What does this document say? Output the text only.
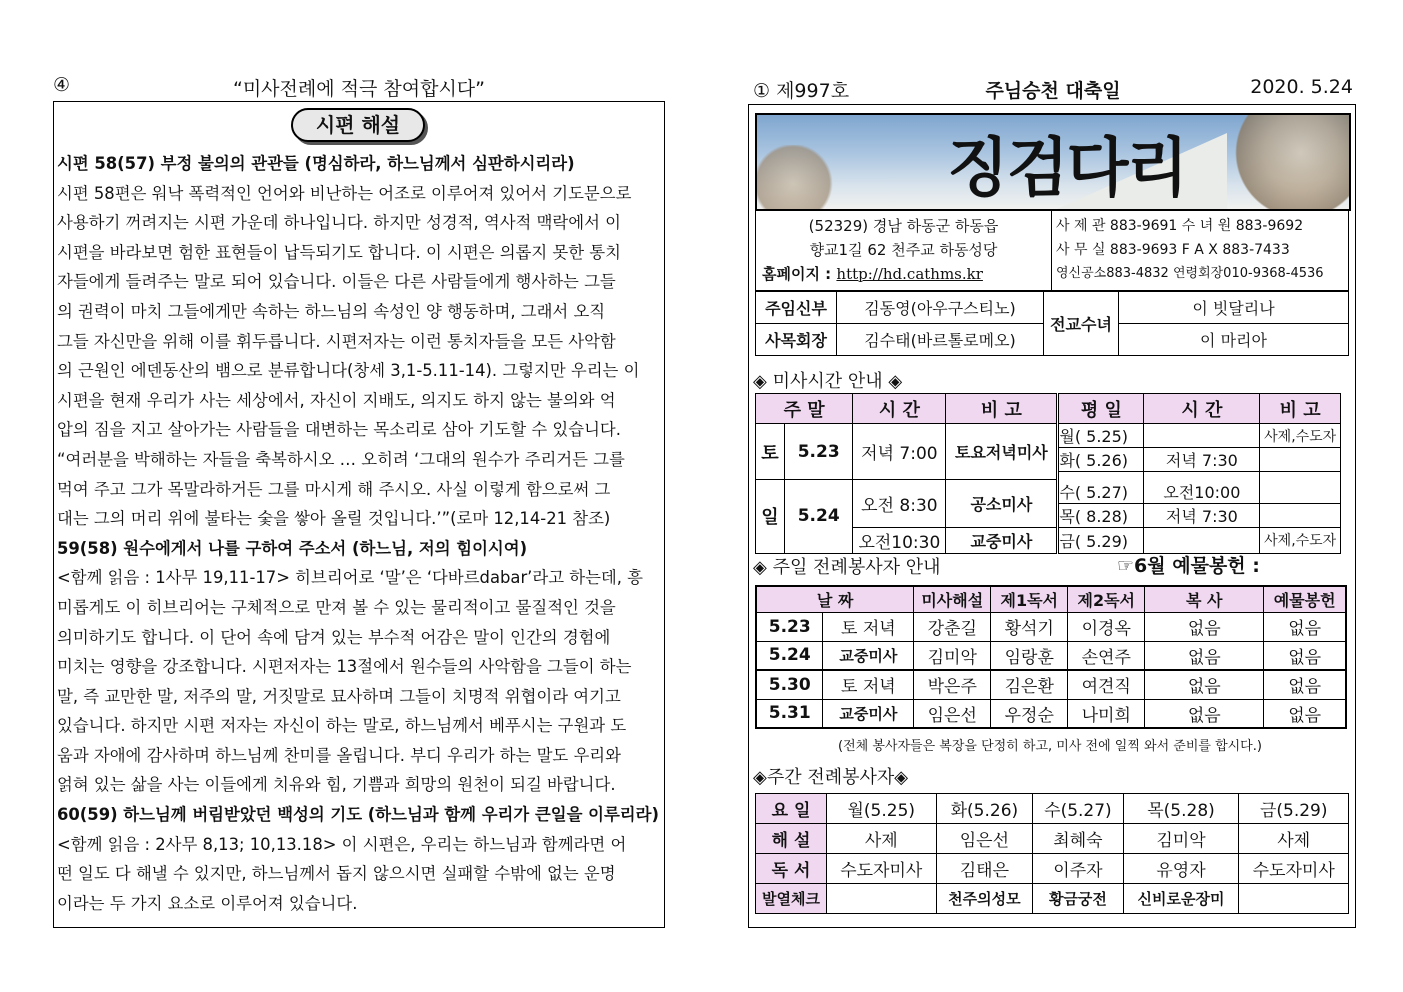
④	“미사전례에 적극 참여합시다”
시편 해설
시편 58(57) 부정 불의의 관관들 (명심하라, 하느님께서 심판하시리라)
시편 58편은 워낙 폭력적인 언어와 비난하는 어조로 이루어져 있어서 기도문으로
사용하기 꺼려지는 시편 가운데 하나입니다. 하지만 성경적, 역사적 맥락에서 이
시편을 바라보면 험한 표현들이 납득되기도 합니다. 이 시편은 의롭지 못한 통치
자들에게 들려주는 말로 되어 있습니다. 이들은 다른 사람들에게 행사하는 그들
의 권력이 마치 그들에게만 속하는 하느님의 속성인 양 행동하며, 그래서 오직
그들 자신만을 위해 이를 휘두릅니다. 시편저자는 이런 통치자들을 모든 사악함
의 근원인 에덴동산의 뱀으로 분류합니다(창세 3,1-5.11-14). 그렇지만 우리는 이
시편을 현재 우리가 사는 세상에서, 자신이 지배도, 의지도 하지 않는 불의와 억
압의 짐을 지고 살아가는 사람들을 대변하는 목소리로 삼아 기도할 수 있습니다.
“여러분을 박해하는 자들을 축복하시오 … 오히려 ‘그대의 원수가 주리거든 그를
먹여 주고 그가 목말라하거든 그를 마시게 해 주시오. 사실 이렇게 함으로써 그
대는 그의 머리 위에 불타는 숯을 쌓아 올릴 것입니다.’”(로마 12,14-21 참조)
59(58) 원수에게서 나를 구하여 주소서 (하느님, 저의 힘이시여)
<함께 읽음 : 1사무 19,11-17> 히브리어로 ‘말’은 ‘다바르dabar’라고 하는데, 흥
미롭게도 이 히브리어는 구체적으로 만져 볼 수 있는 물리적이고 물질적인 것을
의미하기도 합니다. 이 단어 속에 담겨 있는 부수적 어감은 말이 인간의 경험에
미치는 영향을 강조합니다. 시편저자는 13절에서 원수들의 사악함을 그들이 하는
말, 즉 교만한 말, 저주의 말, 거짓말로 묘사하며 그들이 치명적 위협이라 여기고
있습니다. 하지만 시편 저자는 자신이 하는 말로, 하느님께서 베푸시는 구원과 도
움과 자애에 감사하며 하느님께 찬미를 올립니다. 부디 우리가 하는 말도 우리와
얽혀 있는 삶을 사는 이들에게 치유와 힘, 기쁨과 희망의 원천이 되길 바랍니다.
60(59) 하느님께 버림받았던 백성의 기도 (하느님과 함께 우리가 큰일을 이루리라)
<함께 읽음 : 2사무 8,13; 10,13.18> 이 시편은, 우리는 하느님과 함께라면 어
떤 일도 다 해낼 수 있지만, 하느님께서 돕지 않으시면 실패할 수밖에 없는 운명
이라는 두 가지 요소로 이루어져 있습니다.
① 제997호	주님승천 대축일	2020. 5.24
징검다리
(52329) 경남 하동군 하동읍
향교1길 62 천주교 하동성당
홈페이지 : http://hd.cathms.kr

사 제 관 883-9691 수 녀 원 883-9692
사 무 실 883-9693 F A X 883-7433
영신공소883-4832 연령회장010-9368-4536
주임신부	김동영(아우구스티노)	전교수녀	이 빗달리나
사목회장	김수태(바르톨로메오)		이 마리아
◈ 미사시간 안내 ◈
주 말		시 간	비 고	평 일	시 간	비 고
토	5.23	저녁 7:00	토요저녁미사	월( 5.25)		사제,수도자
				화( 5.26)	저녁 7:30	

일	5.24	오전 8:30	공소미사	수( 5.27)	오전10:00	
				목( 8.28)	저녁 7:30	
		오전10:30	교중미사	금( 5.29)		사제,수도자
◈ 주일 전례봉사자 안내	☞6월 예물봉헌 :
날 짜		미사해설	제1독서	제2독서	복 사	예물봉헌
5.23	토 저녁	강춘길	황석기	이경옥	없음	없음
5.24	교중미사	김미악	임랑훈	손연주	없음	없음
5.30	토 저녁	박은주	김은환	여견직	없음	없음
5.31	교중미사	임은선	우정순	나미희	없음	없음
(전체 봉사자들은 복장을 단정히 하고, 미사 전에 일찍 와서 준비를 합시다.)
◈주간 전례봉사자◈
요 일	월(5.25)	화(5.26)	수(5.27)	목(5.28)	금(5.29)
해 설	사제	임은선	최혜숙	김미악	사제
독 서	수도자미사	김태은	이주자	유영자	수도자미사
발열체크		천주의성모	황금궁전	신비로운장미	
